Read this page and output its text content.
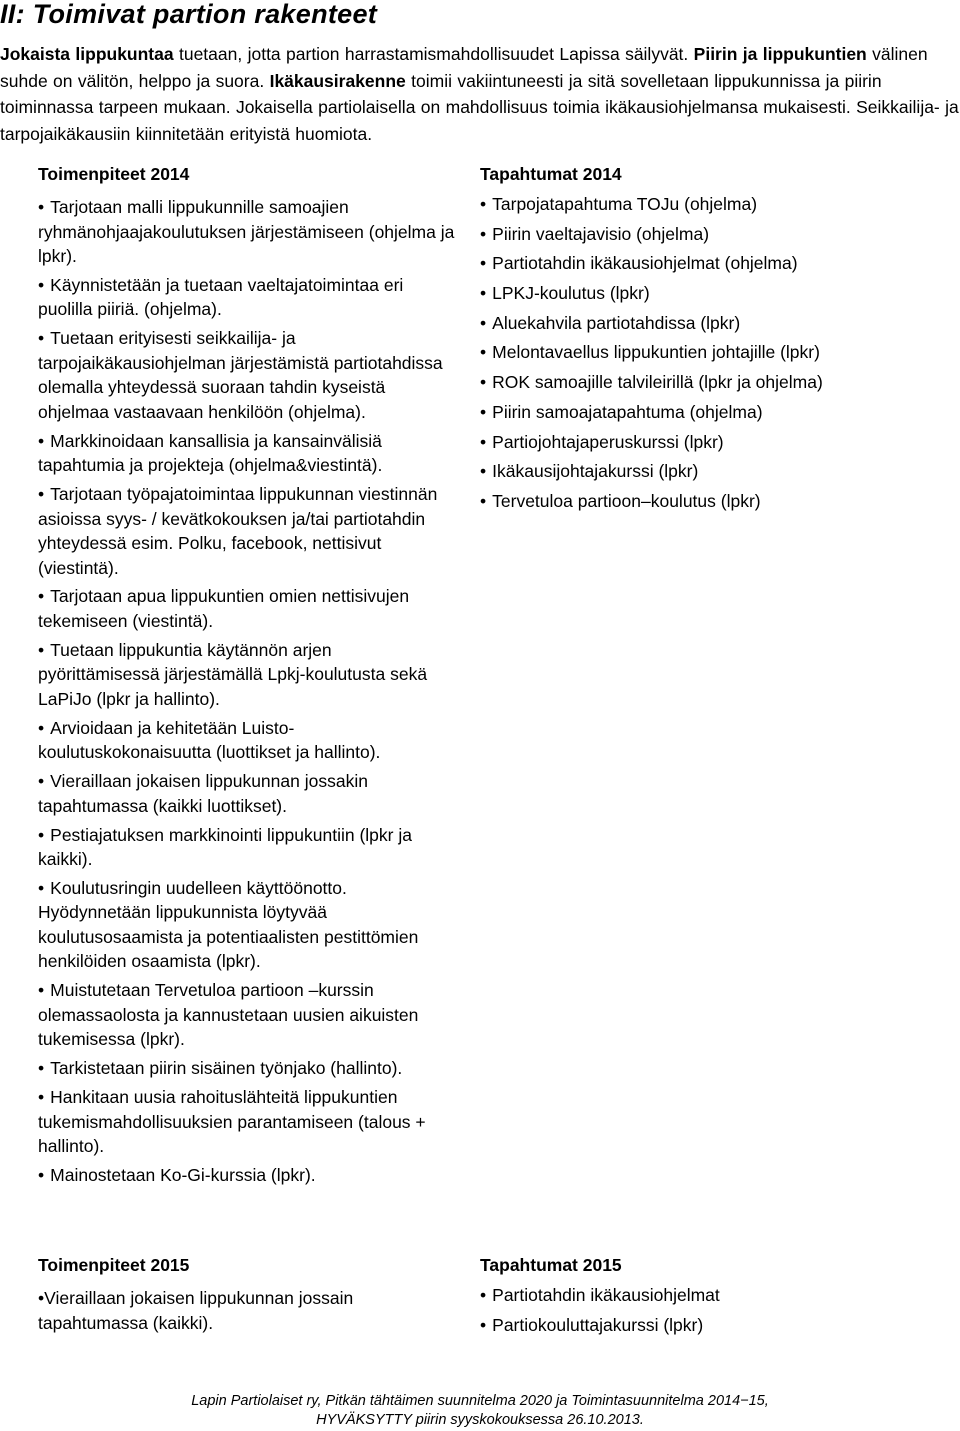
II: Toimivat partion rakenteet

Jokaista lippukuntaa tuetaan, jotta partion harrastamismahdollisuudet Lapissa säilyvät. Piirin ja lippukuntien välinen suhde on välitön, helppo ja suora. Ikäkausirakenne toimii vakiintuneesti ja sitä sovelletaan lippukunnissa ja piirin toiminnassa tarpeen mukaan. Jokaisella partiolaisella on mahdollisuus toimia ikäkausiohjelmansa mukaisesti. Seikkailija- ja tarpojaikäkausiin kiinnitetään erityistä huomiota.

Toimenpiteet 2014
• Tarjotaan malli lippukunnille samoajien ryhmänohjaajakoulutuksen järjestämiseen (ohjelma ja lpkr).
• Käynnistetään ja tuetaan vaeltajatoimintaa eri puolilla piiriä. (ohjelma).
• Tuetaan erityisesti seikkailija- ja tarpojaikäkausiohjelman järjestämistä partiotahdissa olemalla yhteydessä suoraan tahdin kyseistä ohjelmaa vastaavaan henkilöön (ohjelma).
• Markkinoidaan kansallisia ja kansainvälisiä tapahtumia ja projekteja (ohjelma&viestintä).
• Tarjotaan työpajatoimintaa lippukunnan viestinnän asioissa syys- / kevätkokouksen ja/tai partiotahdin yhteydessä esim. Polku, facebook, nettisivut (viestintä).
• Tarjotaan apua lippukuntien omien nettisivujen tekemiseen (viestintä).
• Tuetaan lippukuntia käytännön arjen pyörittämisessä järjestämällä Lpkj-koulutusta sekä LaPiJo (lpkr ja hallinto).
• Arvioidaan ja kehitetään Luisto-koulutuskokonaisuutta (luottikset ja hallinto).
• Vieraillaan jokaisen lippukunnan jossakin tapahtumassa (kaikki luottikset).
• Pestiajatuksen markkinointi lippukuntiin (lpkr ja kaikki).
• Koulutusringin uudelleen käyttöönotto. Hyödynnetään lippukunnista löytyvää koulutusosaamista ja potentiaalisten pestittömien henkilöiden osaamista (lpkr).
• Muistutetaan Tervetuloa partioon –kurssin olemassaolosta ja kannustetaan uusien aikuisten tukemisessa (lpkr).
• Tarkistetaan piirin sisäinen työnjako (hallinto).
• Hankitaan uusia rahoituslähteitä lippukuntien tukemismahdollisuuksien parantamiseen (talous + hallinto).
• Mainostetaan Ko-Gi-kurssia (lpkr).
Tapahtumat 2014
• Tarpojatapahtuma TOJu (ohjelma)
• Piirin vaeltajavisio (ohjelma)
• Partiotahdin ikäkausiohjelmat (ohjelma)
• LPKJ-koulutus (lpkr)
• Aluekahvila partiotahdissa (lpkr)
• Melontavaellus lippukuntien johtajille (lpkr)
• ROK samoajille talvileirillä (lpkr ja ohjelma)
• Piirin samoajatapahtuma (ohjelma)
• Partiojohtajaperuskurssi (lpkr)
• Ikäkausijohtajakurssi (lpkr)
• Tervetuloa partioon–koulutus (lpkr)
Toimenpiteet 2015
•Vieraillaan jokaisen lippukunnan jossain tapahtumassa (kaikki).
Tapahtumat 2015
• Partiotahdin ikäkausiohjelmat
• Partiokouluttajakurssi (lpkr)
Lapin Partiolaiset ry, Pitkän tähtäimen suunnitelma 2020 ja Toimintasuunnitelma 2014−15,
HYVÄKSYTTY piirin syyskokouksessa 26.10.2013.
